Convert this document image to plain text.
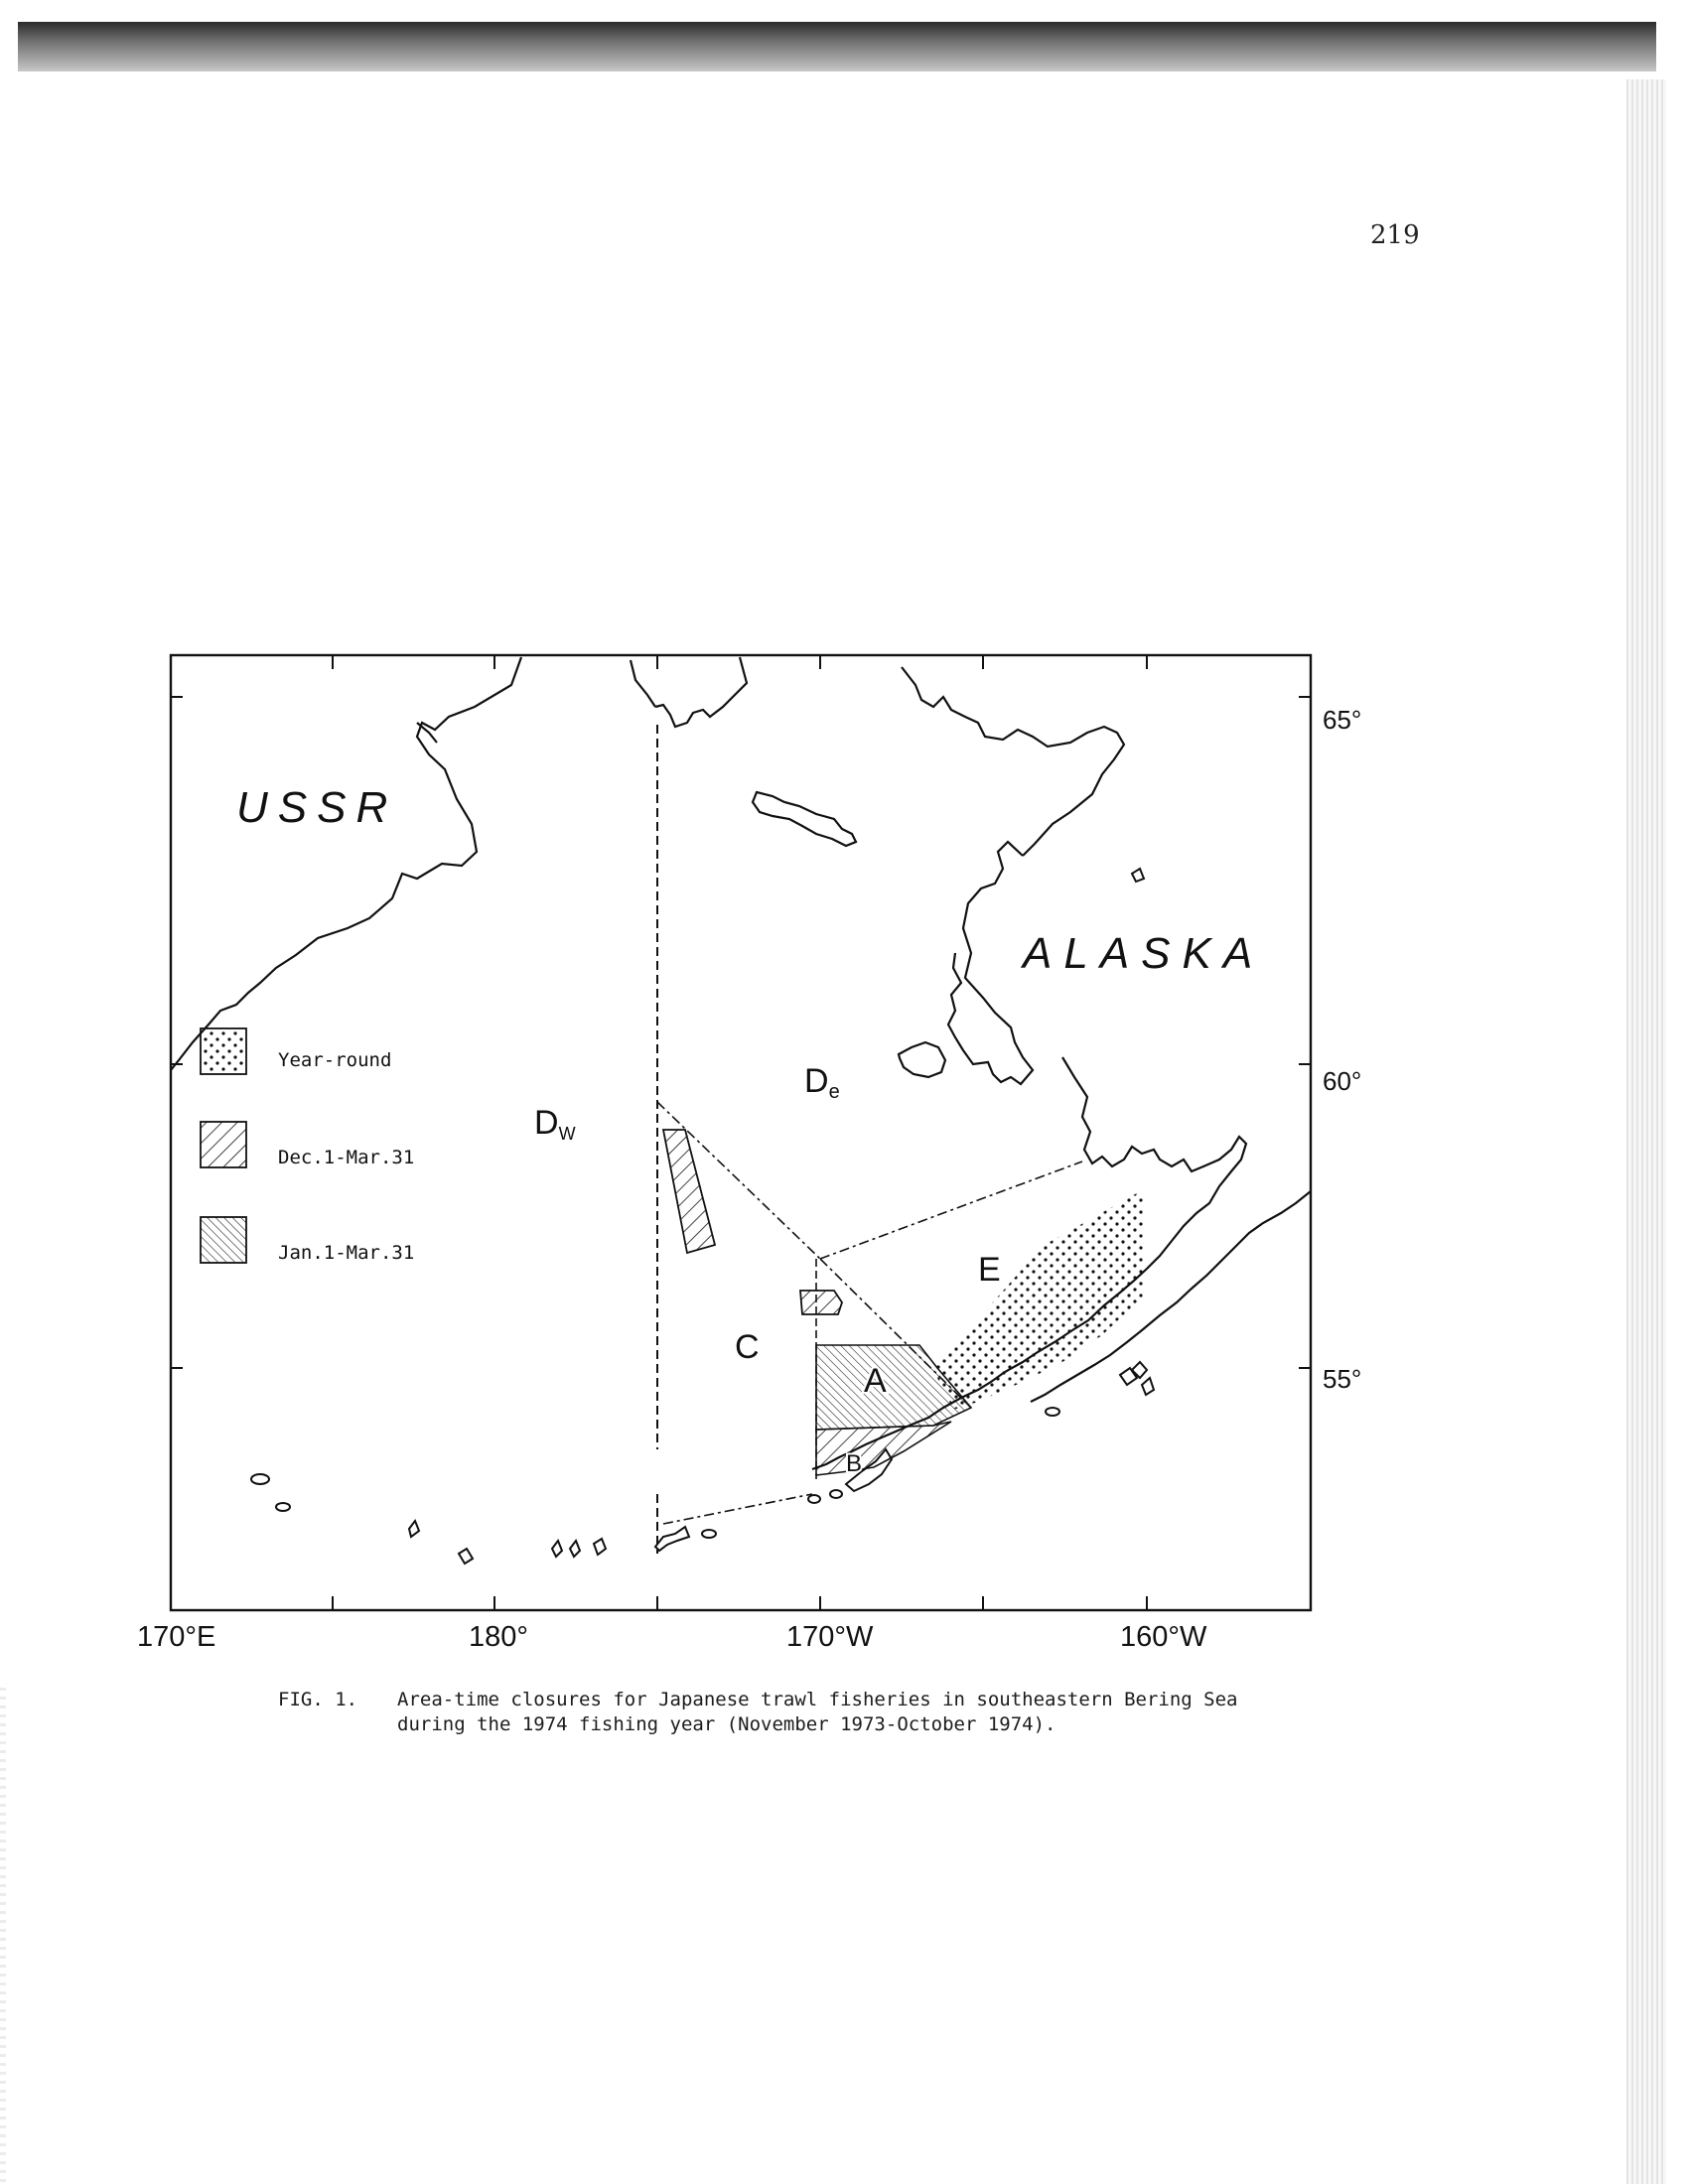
219
USSR
ALASKA
DW
De
C
E
A
B
Year-round
Dec.1-Mar.31
Jan.1-Mar.31
65°
60°
55°
170°E	180°	170°W	160°W
FIG. 1. Area-time closures for Japanese trawl fisheries in southeastern Bering Sea during the 1974 fishing year (November 1973-October 1974).
